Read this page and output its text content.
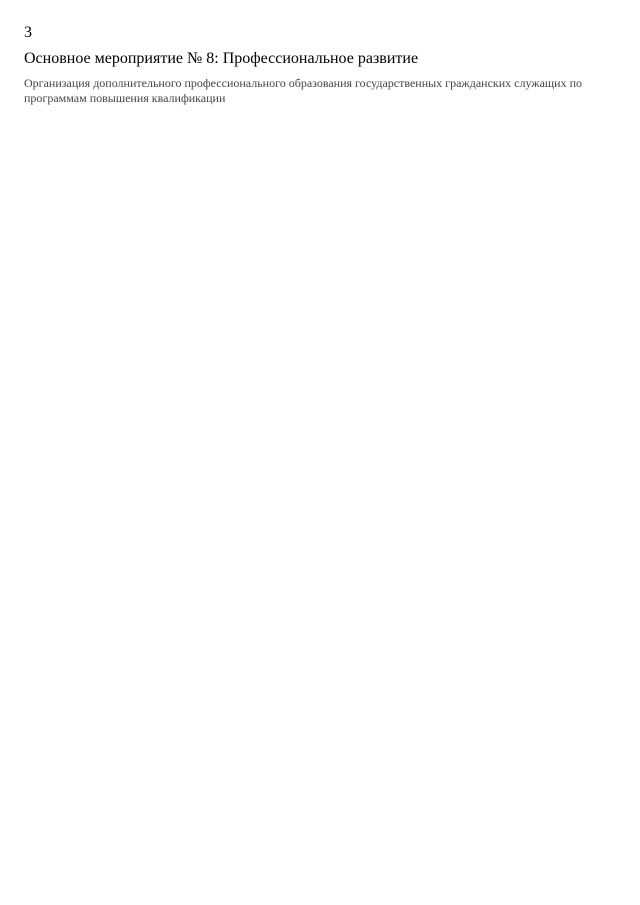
3
Основное мероприятие № 8: Профессиональное развитие
Организация дополнительного профессионального образования государственных гражданских служащих по программам повышения квалификации
